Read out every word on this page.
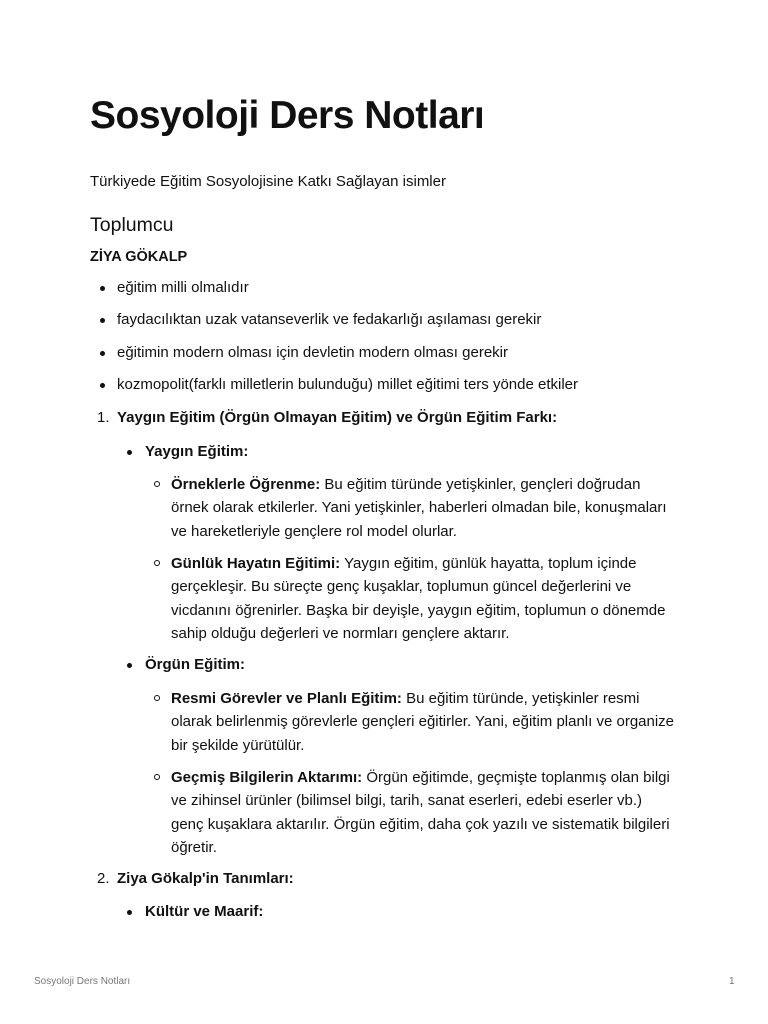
Sosyoloji Ders Notları

Türkiyede Eğitim Sosyolojisine Katkı Sağlayan isimler

Toplumcu

ZİYA GÖKALP

eğitim milli olmalıdır
faydacılıktan uzak vatanseverlik ve fedakarlığı aşılaması gerekir
eğitimin modern olması için devletin modern olması gerekir
kozmopolit(farklı milletlerin bulunduğu) millet eğitimi ters yönde etkiler
1. Yaygın Eğitim (Örgün Olmayan Eğitim) ve Örgün Eğitim Farkı:
Yaygın Eğitim:
Örneklerle Öğrenme: Bu eğitim türünde yetişkinler, gençleri doğrudan örnek olarak etkilerler. Yani yetişkinler, haberleri olmadan bile, konuşmaları ve hareketleriyle gençlere rol model olurlar.
Günlük Hayatın Eğitimi: Yaygın eğitim, günlük hayatta, toplum içinde gerçekleşir. Bu süreçte genç kuşaklar, toplumun güncel değerlerini ve vicdanını öğrenirler. Başka bir deyişle, yaygın eğitim, toplumun o dönemde sahip olduğu değerleri ve normları gençlere aktarır.
Örgün Eğitim:
Resmi Görevler ve Planlı Eğitim: Bu eğitim türünde, yetişkinler resmi olarak belirlenmiş görevlerle gençleri eğitirler. Yani, eğitim planlı ve organize bir şekilde yürütülür.
Geçmiş Bilgilerin Aktarımı: Örgün eğitimde, geçmişte toplanmış olan bilgi ve zihinsel ürünler (bilimsel bilgi, tarih, sanat eserleri, edebi eserler vb.) genç kuşaklara aktarılır. Örgün eğitim, daha çok yazılı ve sistematik bilgileri öğretir.
2. Ziya Gökalp'in Tanımları:
Kültür ve Maarif:
Sosyoloji Ders Notları	1
